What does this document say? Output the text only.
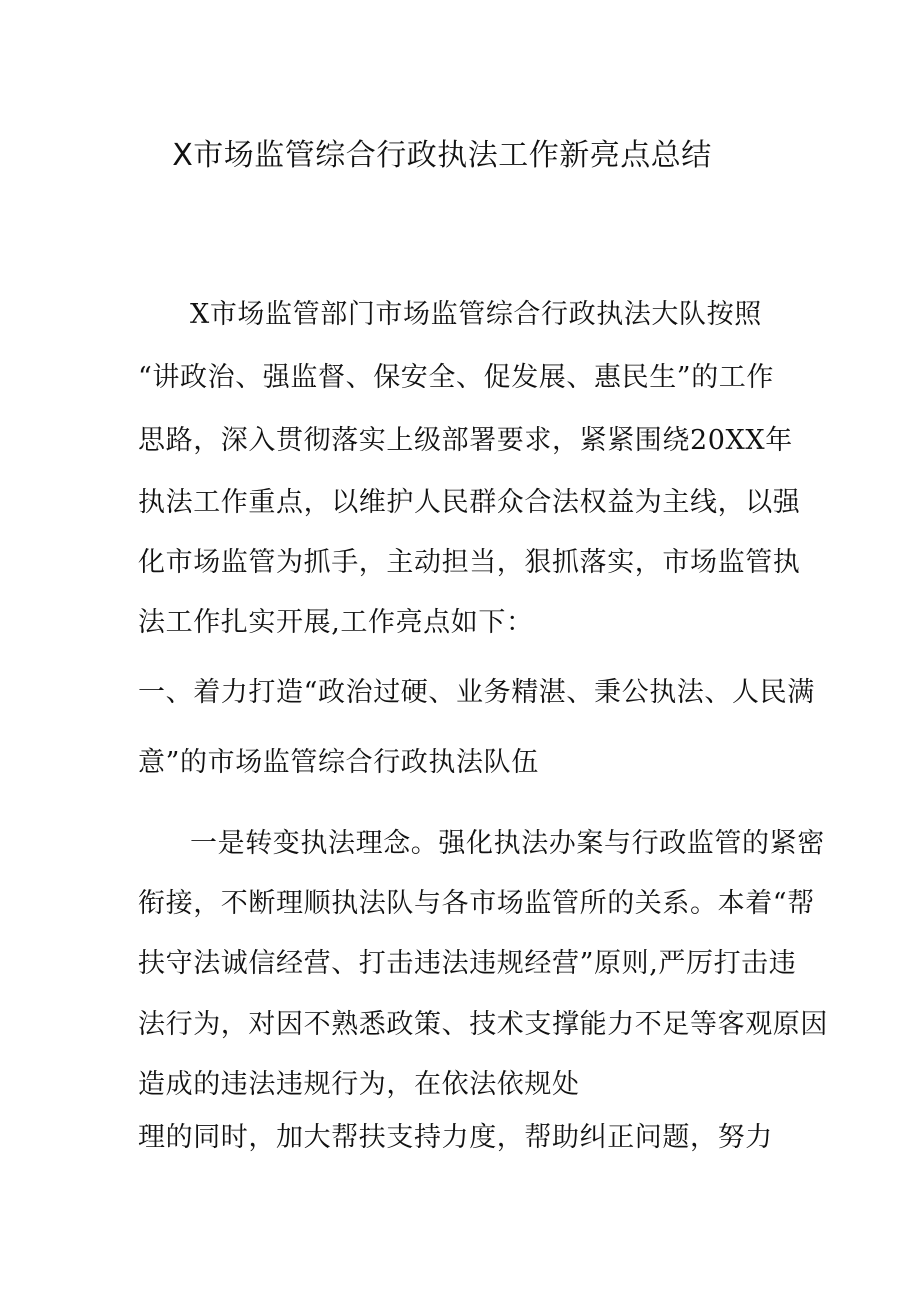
X市场监管综合行政执法工作新亮点总结
X市场监管部门市场监管综合行政执法大队按照
“讲政治、强监督、保安全、促发展、惠民生”的工作
思路，深入贯彻落实上级部署要求，紧紧围绕20XX年
执法工作重点，以维护人民群众合法权益为主线，以强
化市场监管为抓手，主动担当，狠抓落实，市场监管执
法工作扎实开展,工作亮点如下：
一、着力打造“政治过硬、业务精湛、秉公执法、人民满
意”的市场监管综合行政执法队伍
一是转变执法理念。强化执法办案与行政监管的紧密
衔接，不断理顺执法队与各市场监管所的关系。本着“帮
扶守法诚信经营、打击违法违规经营”原则,严厉打击违
法行为，对因不熟悉政策、技术支撑能力不足等客观原因
造成的违法违规行为，在依法依规处
理的同时，加大帮扶支持力度，帮助纠正问题，努力
